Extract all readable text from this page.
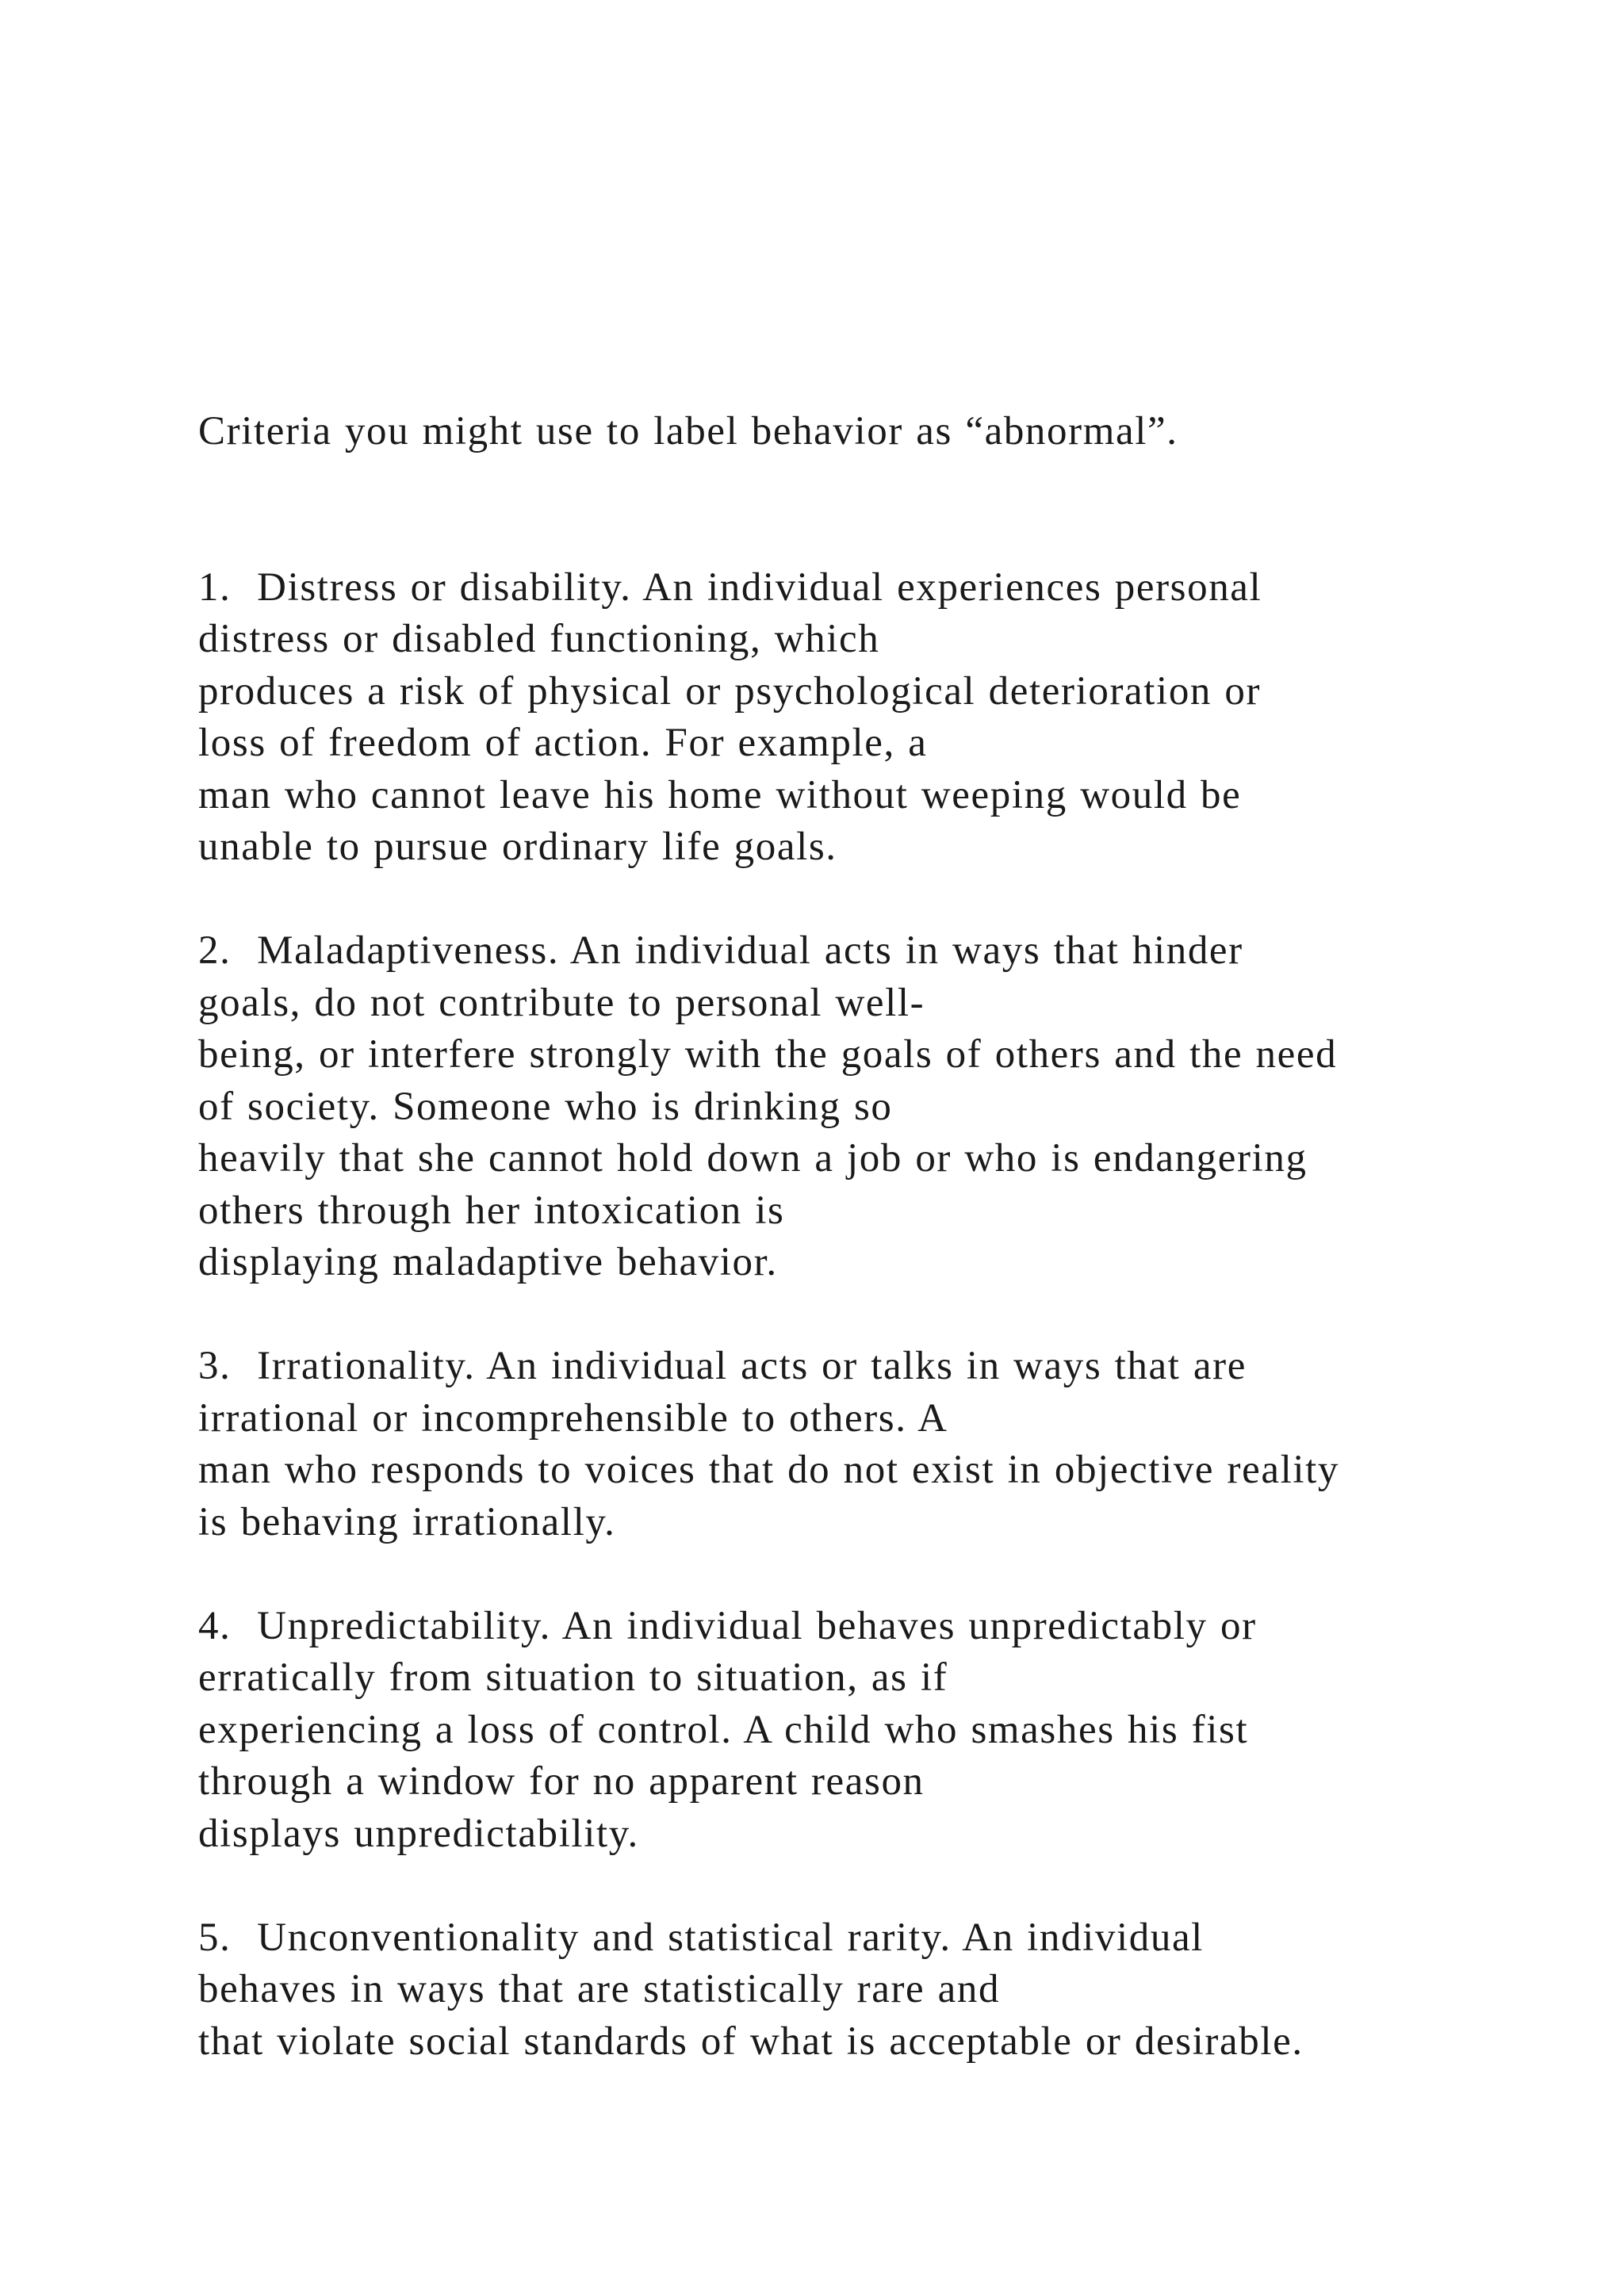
Criteria you might use to label behavior as “abnormal”.
1.  Distress or disability. An individual experiences personal
distress or disabled functioning, which
produces a risk of physical or psychological deterioration or
loss of freedom of action. For example, a
man who cannot leave his home without weeping would be
unable to pursue ordinary life goals.
2.  Maladaptiveness. An individual acts in ways that hinder
goals, do not contribute to personal well-
being, or interfere strongly with the goals of others and the need
of society. Someone who is drinking so
heavily that she cannot hold down a job or who is endangering
others through her intoxication is
displaying maladaptive behavior.
3.  Irrationality. An individual acts or talks in ways that are
irrational or incomprehensible to others. A
man who responds to voices that do not exist in objective reality
is behaving irrationally.
4.  Unpredictability. An individual behaves unpredictably or
erratically from situation to situation, as if
experiencing a loss of control. A child who smashes his fist
through a window for no apparent reason
displays unpredictability.
5.  Unconventionality and statistical rarity. An individual
behaves in ways that are statistically rare and
that violate social standards of what is acceptable or desirable.
